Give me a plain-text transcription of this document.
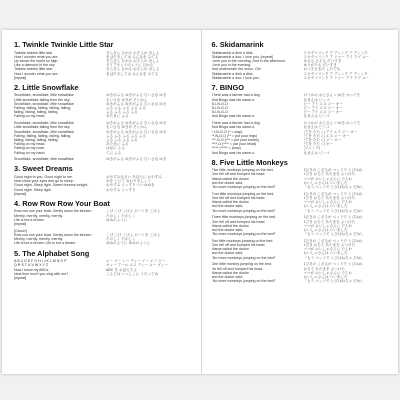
1. Twinkle Twinkle Little Star
Twinkle twinkle little star	きらきら ひかる おそらの ほしよ
How I wonder what you are.	まばたきしては みんなを みてる
Up above the world so high	きらきら ひかる おそらの ほしよ
Like a diamond in the sky	ダイアモンドのように ひかる
Twinkle twinkle little star	きらきら ひかる おそらの ほしよ
How I wonder what you are.	まばたきしては みんなを みてる
[repeat]
2. Little Snowflake
Snowflake, snowflake, little snowflake	ゆきがふる ゆきがふる ちいさな ゆき
Little snowflake falling from the sky.	ちいさな ゆきが そらから
Snowflake, snowflake, little snowflake	ゆきがふる ゆきがふる ちいさな ゆき
Falling, falling, falling, falling, falling,	ふる ふる ふる ふる ふる
falling, falling, falling, falling.	ふる ふる ふる ふる
Falling on my head.	あたまに ふる
Snowflake, snowflake, little snowflake	ゆきがふる ゆきがふる ちいさな ゆき
Little snowflake falling from the sky.	ちいさな ゆきが そらから
Snowflake, snowflake, little snowflake	ゆきがふる ゆきがふる ちいさな ゆき
Falling, falling, falling, falling, falling,	ふる ふる ふる ふる ふる
falling, falling, falling, falling.	ふる ふる ふる ふる
Falling on my head.	あたまに ふる
Falling on my nose.	はなに ふる
Falling on my hand.	てに ふる
Snowflake, snowflake, little snowflake	ゆきがふる ゆきがふる ちいさな ゆき
3. Sweet Dreams
Good night to you. Good night to me.	おやすみなさい あなたに おやすみ
Now close your eyes and go to sleep.	めを とじて ねむりましょう
Good night. Sleep tight. Sweet dreams tonight.	おやすみ ぐっすり いいゆめを
Good night. Sleep tight.	おやすみ ぐっすり
[repeat]
4. Row Row Row Your Boat
Row row row your boat. Gently down the stream.	こげ こげ こげよ ボートを こげよ
Merrily, merrily, merrily, merrily.	たのしく たのしく
Life is but a dream.	ゆめのように
[repeat]
[Canon]
Row row row your boat. Gently down the stream.	こげ こげ こげよ ボートを こげよ
Merrily, merrily, merrily, merrily.	たのしく たのしく
Life is but a dream. Life is but a dream.	ゆめのように ゆめのように
5. The Alphabet Song
A B C D E F G H I J K L M N O P	エー ビー シー ディー イー エフ ジー
Q R S T U V W X Y Z	キュー アール エス ティー ユー ヴィー
Now I know my ABCs.	ABC を おぼえたよ
Next time won't you sing with me?	こんどは いっしょに うたってね
[repeat]
6. Skidamarink
Skidamarink a dink a dink,	スキダマリンク ア ディンク ア ディンク
Skidamarink a doo. I love you. [repeat]	スキダマリンク ア ドゥー アイ ラブ ユー
I love you in the morning. And in the afternoon.	あさも ひるも だいすき
I love you in the evening.	ゆうがたも だいすき
And underneath the moon. Oh!	おつきさまの したでも
Skidamarink a dink a dink,	スキダマリンク ア ディンク ア ディンク
Skidamarink a doo. I love you.	スキダマリンク ア ドゥー アイ ラブ ユー
7. BINGO
There was a farmer had a dog	のうかの おじさん いぬを かってた
And Bingo was his name-o.	なまえは ビンゴ
B-I-N-G-O	ビー アイ エヌ ジー オー
B-I-N-G-O	ビー アイ エヌ ジー オー
B-I-N-G-O	ビー アイ エヌ ジー オー
And Bingo was his name-o.	なまえは ビンゴ
There was a farmer had a dog	のうかの おじさん いぬを かってた
And Bingo was his name-o.	なまえは ビンゴ
*-I-N-G-O (* = clap)	(てを たたく) アイ エヌ ジー オー
**-N-G-O (** = put your legs)	(てを たたく) エヌ ジー オー
***-G-O (*** = put your knees)	(てを たたく) ジー オー
****-O (**** = pat your head)	(てを たたく) オー
***** (***** = jump)	(ジャンプ)
And Bingo was his name-o.	なまえは ビンゴ
8. Five Little Monkeys
Five little monkeys jumping on the bed.	5ひきの こざるが ベッドで とびはね
One fell off and bumped his head.	1ぴき おちて あたまを ぶつけた
Mama called the doctor	ママが おいしゃさんに でんわ
and the doctor said,	おいしゃさんは いいました
"No more monkeys jumping on the bed!"	「もう ベッドで とびはねちゃ だめ!」
Four little monkeys jumping on the bed.	4ひきの こざるが ベッドで とびはね
One fell off and bumped his head.	1ぴき おちて あたまを ぶつけた
Mama called the doctor	ママが おいしゃさんに でんわ
and the doctor said,	おいしゃさんは いいました
"No more monkeys jumping on the bed!"	「もう ベッドで とびはねちゃ だめ!」
Three little monkeys jumping on the bed.	3びきの こざるが ベッドで とびはね
One fell off and bumped his head.	1ぴき おちて あたまを ぶつけた
Mama called the doctor	ママが おいしゃさんに でんわ
and the doctor said,	おいしゃさんは いいました
"No more monkeys jumping on the bed!"	「もう ベッドで とびはねちゃ だめ!」
Two little monkeys jumping on the bed.	2ひきの こざるが ベッドで とびはね
One fell off and bumped his head.	1ぴき おちて あたまを ぶつけた
Mama called the doctor	ママが おいしゃさんに でんわ
and the doctor said,	おいしゃさんは いいました
"No more monkeys jumping on the bed!"	「もう ベッドで とびはねちゃ だめ!」
One little monkey jumping on the bed.	1ぴきの こざるが ベッドで とびはね
He fell off and bumped his head.	おちて あたまを ぶつけた
Mama called the doctor	ママが おいしゃさんに でんわ
and the doctor said,	おいしゃさんは いいました
"No more monkeys jumping on the bed!"	「もう ベッドで とびはねちゃ だめ!」
